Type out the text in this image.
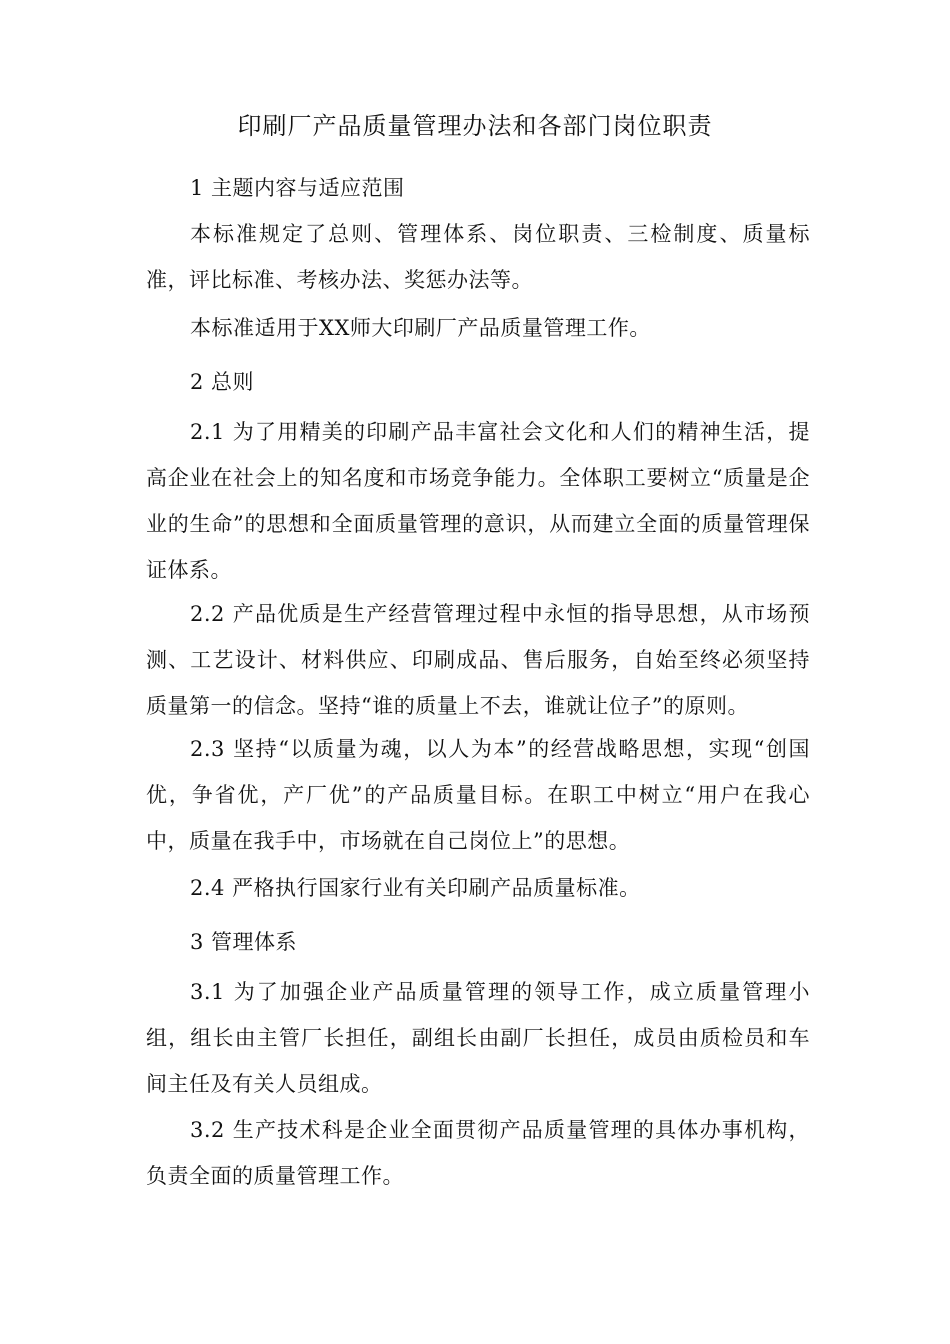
印刷厂产品质量管理办法和各部门岗位职责

1 主题内容与适应范围

本标准规定了总则、管理体系、岗位职责、三检制度、质量标准，评比标准、考核办法、奖惩办法等。

本标准适用于XX师大印刷厂产品质量管理工作。

2 总则

2.1 为了用精美的印刷产品丰富社会文化和人们的精神生活，提高企业在社会上的知名度和市场竞争能力。全体职工要树立“质量是企业的生命”的思想和全面质量管理的意识，从而建立全面的质量管理保证体系。

2.2 产品优质是生产经营管理过程中永恒的指导思想，从市场预测、工艺设计、材料供应、印刷成品、售后服务，自始至终必须坚持质量第一的信念。坚持“谁的质量上不去，谁就让位子”的原则。

2.3 坚持“以质量为魂，以人为本”的经营战略思想，实现“创国优，争省优，产厂优”的产品质量目标。在职工中树立“用户在我心中，质量在我手中，市场就在自己岗位上”的思想。

2.4 严格执行国家行业有关印刷产品质量标准。

3 管理体系

3.1 为了加强企业产品质量管理的领导工作，成立质量管理小组，组长由主管厂长担任，副组长由副厂长担任，成员由质检员和车间主任及有关人员组成。

3.2 生产技术科是企业全面贯彻产品质量管理的具体办事机构，负责全面的质量管理工作。
